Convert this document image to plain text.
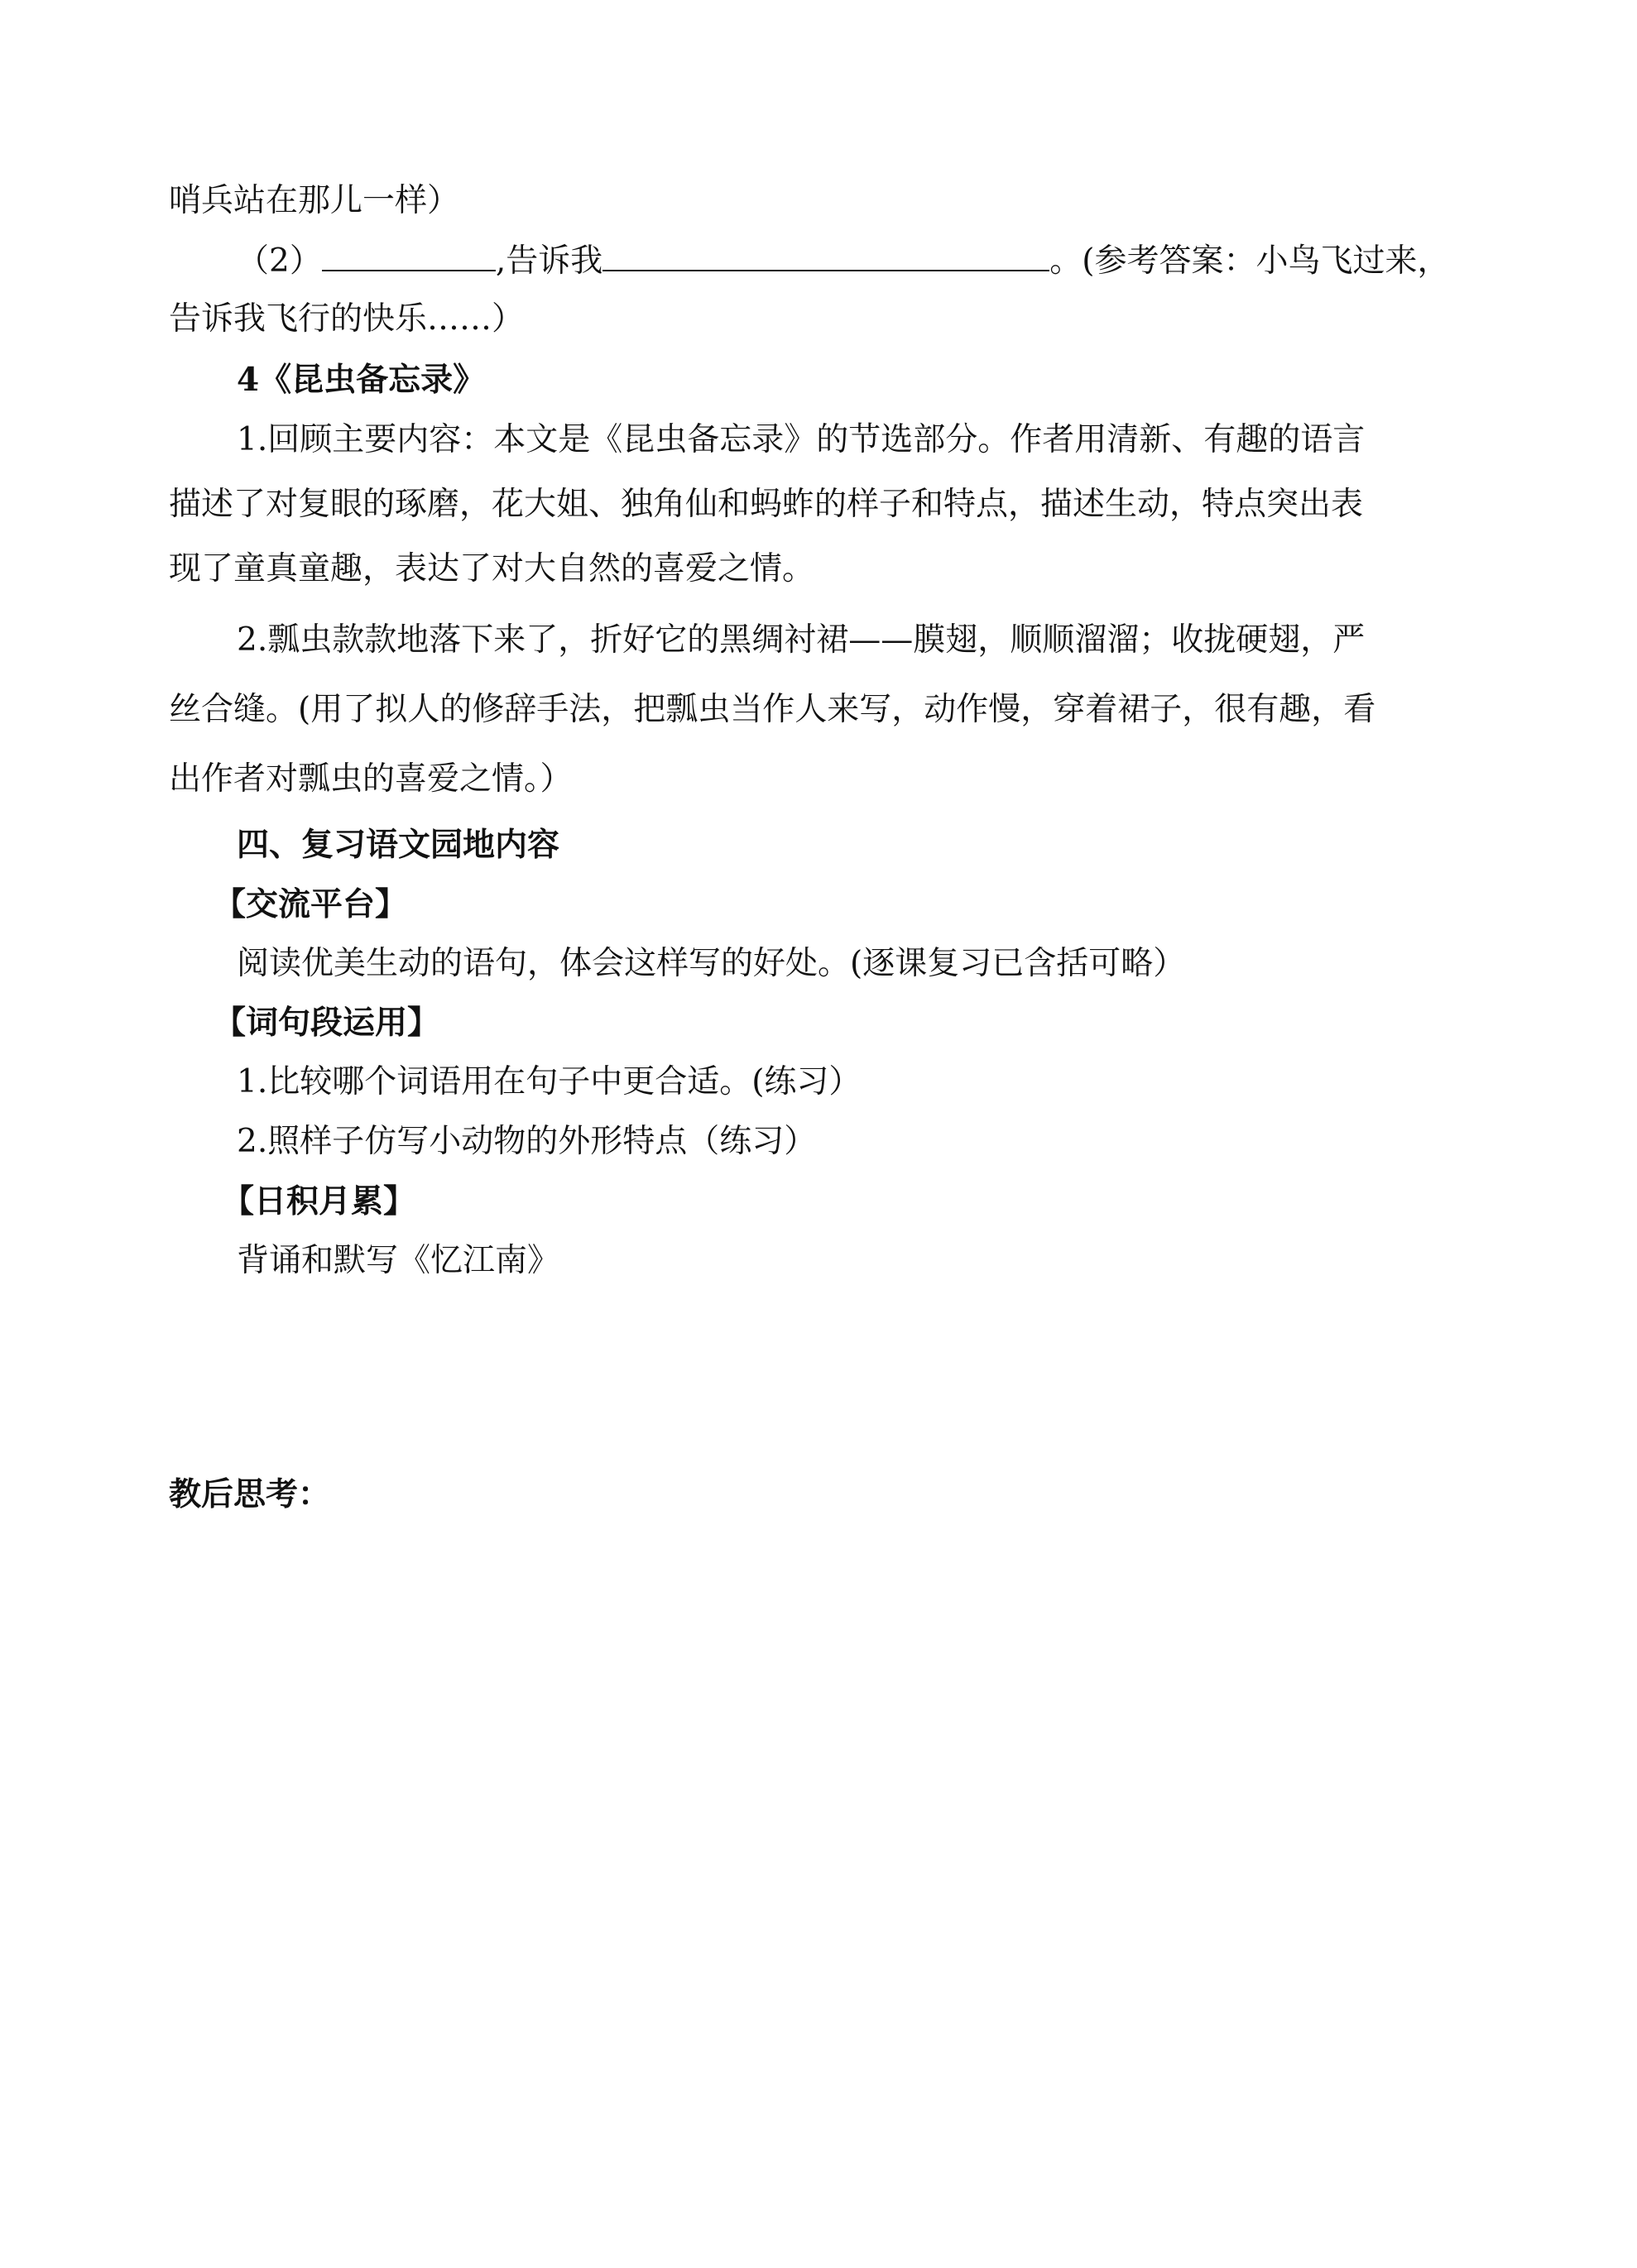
哨兵站在那儿一样）
（2）	,告诉我	。(参考答案：小鸟飞过来，
告诉我飞行的快乐……）
4《昆虫备忘录》
1.回顾主要内容：本文是《昆虫备忘录》的节选部分。作者用清新、有趣的语言
描述了对复眼的琢磨，花大姐、独角仙和蚂蚱的样子和特点，描述生动，特点突出表
现了童真童趣，表达了对大自然的喜爱之情。
2.瓢虫款款地落下来了，折好它的黑绸衬裙——膜翅，顺顺溜溜；收拢硬翅，严
丝合缝。(用了拟人的修辞手法，把瓢虫当作人来写，动作慢，穿着裙子，很有趣，看
出作者对瓢虫的喜爱之情。）
四、复习语文园地内容
【交流平台】
阅读优美生动的语句，体会这样写的好处。(逐课复习已含括可略）
【词句段运用】
1.比较哪个词语用在句子中更合适。(练习）
2.照样子仿写小动物的外形特点（练习）
【日积月累】
背诵和默写《忆江南》
教后思考：
